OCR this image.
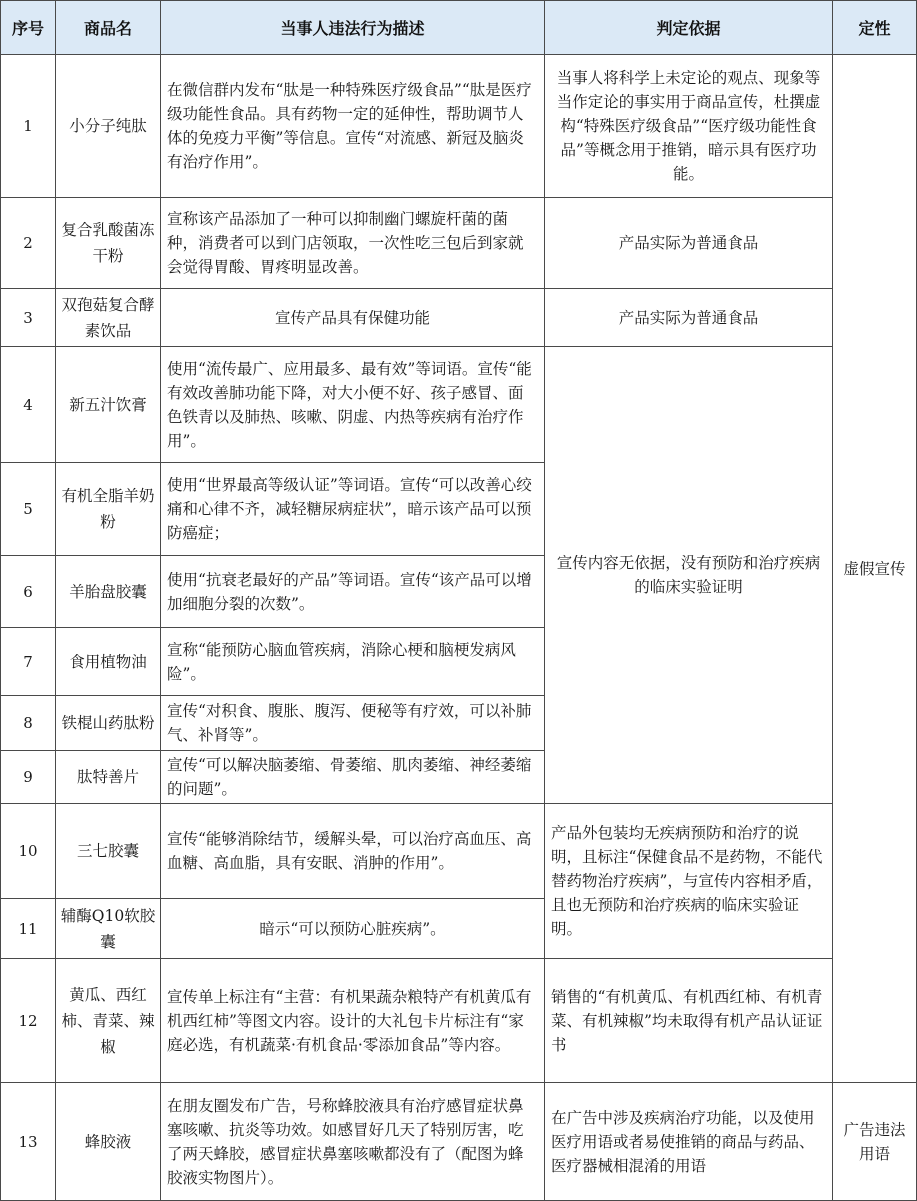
序号	商品名	当事人违法行为描述	判定依据	定性
1	小分子纯肽	在微信群内发布“肽是一种特殊医疗级食品”“肽是医疗级功能性食品。具有药物一定的延伸性，帮助调节人体的免疫力平衡”等信息。宣传“对流感、新冠及脑炎有治疗作用”。	当事人将科学上未定论的观点、现象等当作定论的事实用于商品宣传，杜撰虚构“特殊医疗级食品”“医疗级功能性食品”等概念用于推销，暗示具有医疗功能。	虚假宣传
2	复合乳酸菌冻干粉	宣称该产品添加了一种可以抑制幽门螺旋杆菌的菌种，消费者可以到门店领取，一次性吃三包后到家就会觉得胃酸、胃疼明显改善。	产品实际为普通食品	
3	双孢菇复合酵素饮品	宣传产品具有保健功能	产品实际为普通食品	
4	新五汁饮膏	使用“流传最广、应用最多、最有效”等词语。宣传“能有效改善肺功能下降，对大小便不好、孩子感冒、面色铁青以及肺热、咳嗽、阴虚、内热等疾病有治疗作用”。	宣传内容无依据，没有预防和治疗疾病的临床实验证明	
5	有机全脂羊奶粉	使用“世界最高等级认证”等词语。宣传“可以改善心绞痛和心律不齐，减轻糖尿病症状”，暗示该产品可以预防癌症；		
6	羊胎盘胶囊	使用“抗衰老最好的产品”等词语。宣传“该产品可以增加细胞分裂的次数”。		
7	食用植物油	宣称“能预防心脑血管疾病，消除心梗和脑梗发病风险”。		
8	铁棍山药肽粉	宣传“对积食、腹胀、腹泻、便秘等有疗效，可以补肺气、补肾等”。		
9	肽特善片	宣传“可以解决脑萎缩、骨萎缩、肌肉萎缩、神经萎缩的问题”。		
10	三七胶囊	宣传“能够消除结节，缓解头晕，可以治疗高血压、高血糖、高血脂，具有安眠、消肿的作用”。	产品外包装均无疾病预防和治疗的说明，且标注“保健食品不是药物，不能代替药物治疗疾病”，与宣传内容相矛盾，且也无预防和治疗疾病的临床实验证明。	
11	辅酶Q10软胶囊	暗示“可以预防心脏疾病”。		
12	黄瓜、西红柿、青菜、辣椒	宣传单上标注有“主营：有机果蔬杂粮特产有机黄瓜有机西红柿”等图文内容。设计的大礼包卡片标注有“家庭必选，有机蔬菜·有机食品·零添加食品”等内容。	销售的“有机黄瓜、有机西红柿、有机青菜、有机辣椒”均未取得有机产品认证证书	
13	蜂胶液	在朋友圈发布广告，号称蜂胶液具有治疗感冒症状鼻塞咳嗽、抗炎等功效。如感冒好几天了特别厉害，吃了两天蜂胶，感冒症状鼻塞咳嗽都没有了（配图为蜂胶液实物图片）。	在广告中涉及疾病治疗功能，以及使用医疗用语或者易使推销的商品与药品、医疗器械相混淆的用语	广告违法用语
